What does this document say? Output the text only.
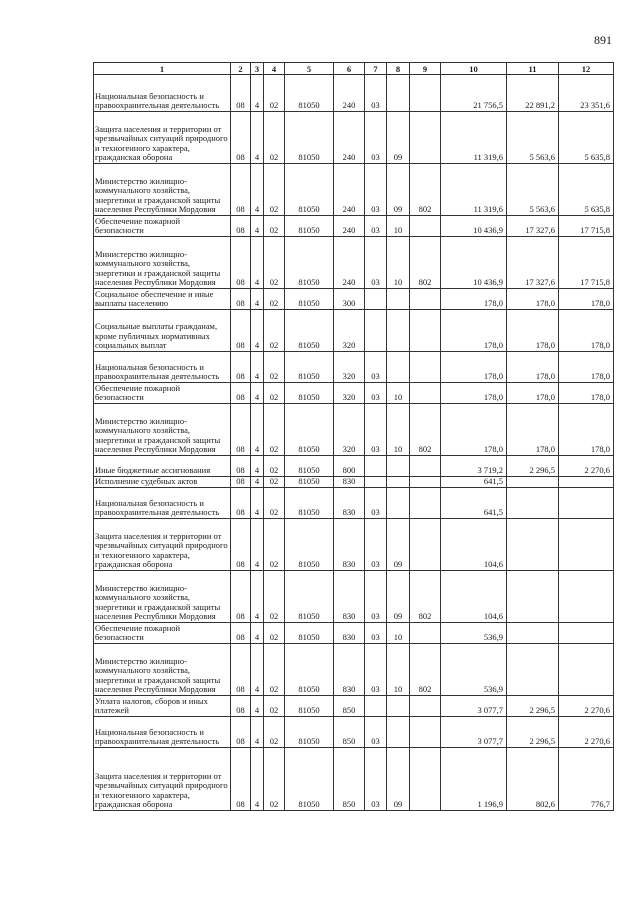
891
1	2	3	4	5	6	7	8	9	10	11	12
Национальная безопасность и правоохранительная деятельность	08	4	02	81050	240	03			21 756,5	22 891,2	23 351,6
Защита населения и территории от чрезвычайных ситуаций природного и техногенного характера, гражданская оборона	08	4	02	81050	240	03	09		11 319,6	5 563,6	5 635,8
Министерство жилищно-коммунального хозяйства, энергетики и гражданской защиты населения Республики Мордовия	08	4	02	81050	240	03	09	802	11 319,6	5 563,6	5 635,8
Обеспечение пожарной безопасности	08	4	02	81050	240	03	10		10 436,9	17 327,6	17 715,8
Министерство жилищно-коммунального хозяйства, энергетики и гражданской защиты населения Республики Мордовия	08	4	02	81050	240	03	10	802	10 436,9	17 327,6	17 715,8
Социальное обеспечение и иные выплаты населению	08	4	02	81050	300				178,0	178,0	178,0
Социальные выплаты гражданам, кроме публичных нормативных социальных выплат	08	4	02	81050	320				178,0	178,0	178,0
Национальная безопасность и правоохранительная деятельность	08	4	02	81050	320	03			178,0	178,0	178,0
Обеспечение пожарной безопасности	08	4	02	81050	320	03	10		178,0	178,0	178,0
Министерство жилищно-коммунального хозяйства, энергетики и гражданской защиты населения Республики Мордовия	08	4	02	81050	320	03	10	802	178,0	178,0	178,0
Иные бюджетные ассигнования	08	4	02	81050	800				3 719,2	2 296,5	2 270,6
Исполнение судебных актов	08	4	02	81050	830				641,5		
Национальная безопасность и правоохранительная деятельность	08	4	02	81050	830	03			641,5		
Защита населения и территории от чрезвычайных ситуаций природного и техногенного характера, гражданская оборона	08	4	02	81050	830	03	09		104,6		
Министерство жилищно-коммунального хозяйства, энергетики и гражданской защиты населения Республики Мордовия	08	4	02	81050	830	03	09	802	104,6		
Обеспечение пожарной безопасности	08	4	02	81050	830	03	10		536,9		
Министерство жилищно-коммунального хозяйства, энергетики и гражданской защиты населения Республики Мордовия	08	4	02	81050	830	03	10	802	536,9		
Уплата налогов, сборов и иных платежей	08	4	02	81050	850				3 077,7	2 296,5	2 270,6
Национальная безопасность и правоохранительная деятельность	08	4	02	81050	850	03			3 077,7	2 296,5	2 270,6
Защита населения и территории от чрезвычайных ситуаций природного и техногенного характера, гражданская оборона	08	4	02	81050	850	03	09		1 196,9	802,6	776,7
